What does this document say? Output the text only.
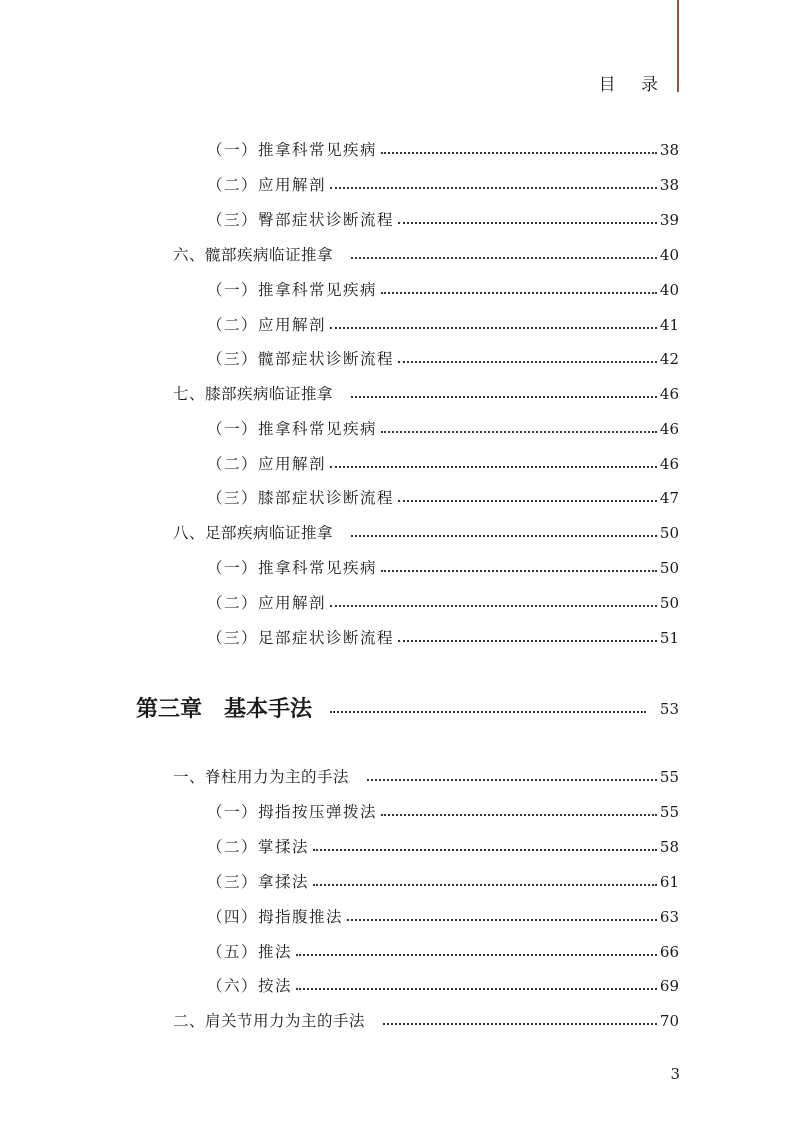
目 录
（一）推拿科常见疾病	38
（二）应用解剖	38
（三）臀部症状诊断流程	39
六、髋部疾病临证推拿	40
（一）推拿科常见疾病	40
（二）应用解剖	41
（三）髋部症状诊断流程	42
七、膝部疾病临证推拿	46
（一）推拿科常见疾病	46
（二）应用解剖	46
（三）膝部症状诊断流程	47
八、足部疾病临证推拿	50
（一）推拿科常见疾病	50
（二）应用解剖	50
（三）足部症状诊断流程	51
第三章　基本手法	53
一、脊柱用力为主的手法	55
（一）拇指按压弹拨法	55
（二）掌揉法	58
（三）拿揉法	61
（四）拇指腹推法	63
（五）推法	66
（六）按法	69
二、肩关节用力为主的手法	70
3
